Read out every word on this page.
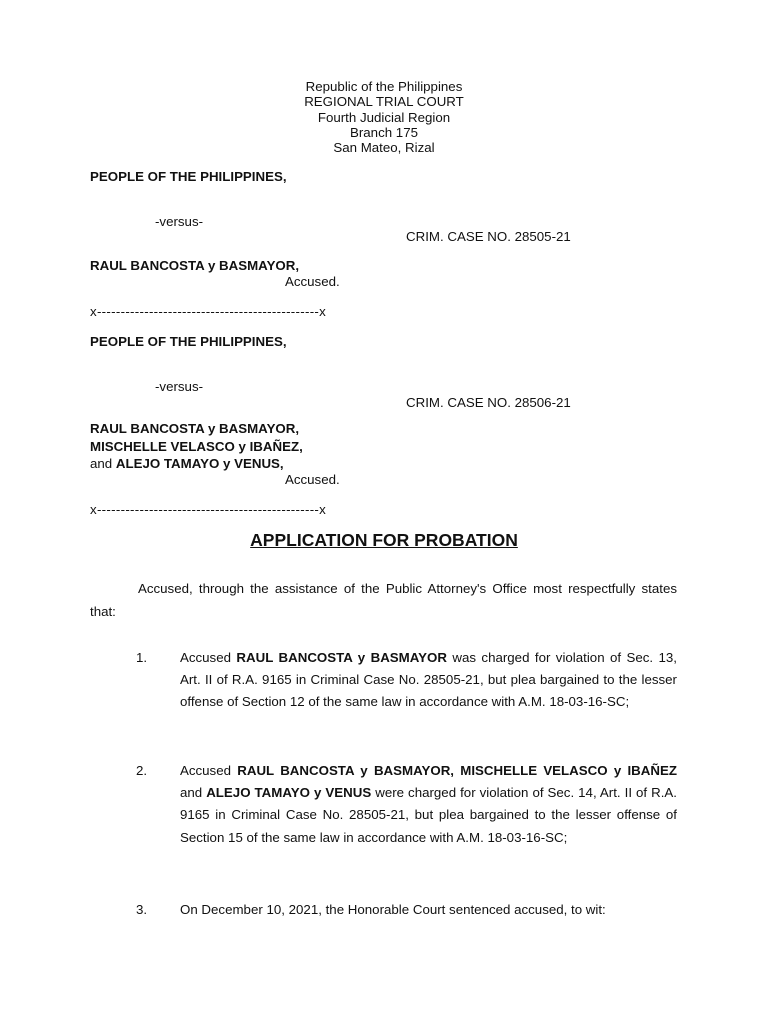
Republic of the Philippines
REGIONAL TRIAL COURT
Fourth Judicial Region
Branch 175
San Mateo, Rizal
PEOPLE OF THE PHILIPPINES,
-versus-
CRIM. CASE NO. 28505-21
RAUL BANCOSTA y BASMAYOR,
Accused.
x-----------------------------------------------x
PEOPLE OF THE PHILIPPINES,
-versus-
CRIM. CASE NO. 28506-21
RAUL BANCOSTA y BASMAYOR,
MISCHELLE VELASCO y IBAÑEZ,
and ALEJO TAMAYO y VENUS,
Accused.
x-----------------------------------------------x
APPLICATION FOR PROBATION
Accused, through the assistance of the Public Attorney's Office most respectfully states that:
1. Accused RAUL BANCOSTA y BASMAYOR was charged for violation of Sec. 13, Art. II of R.A. 9165 in Criminal Case No. 28505-21, but plea bargained to the lesser offense of Section 12 of the same law in accordance with A.M. 18-03-16-SC;
2. Accused RAUL BANCOSTA y BASMAYOR, MISCHELLE VELASCO y IBAÑEZ and ALEJO TAMAYO y VENUS were charged for violation of Sec. 14, Art. II of R.A. 9165 in Criminal Case No. 28505-21, but plea bargained to the lesser offense of Section 15 of the same law in accordance with A.M. 18-03-16-SC;
3. On December 10, 2021, the Honorable Court sentenced accused, to wit:
